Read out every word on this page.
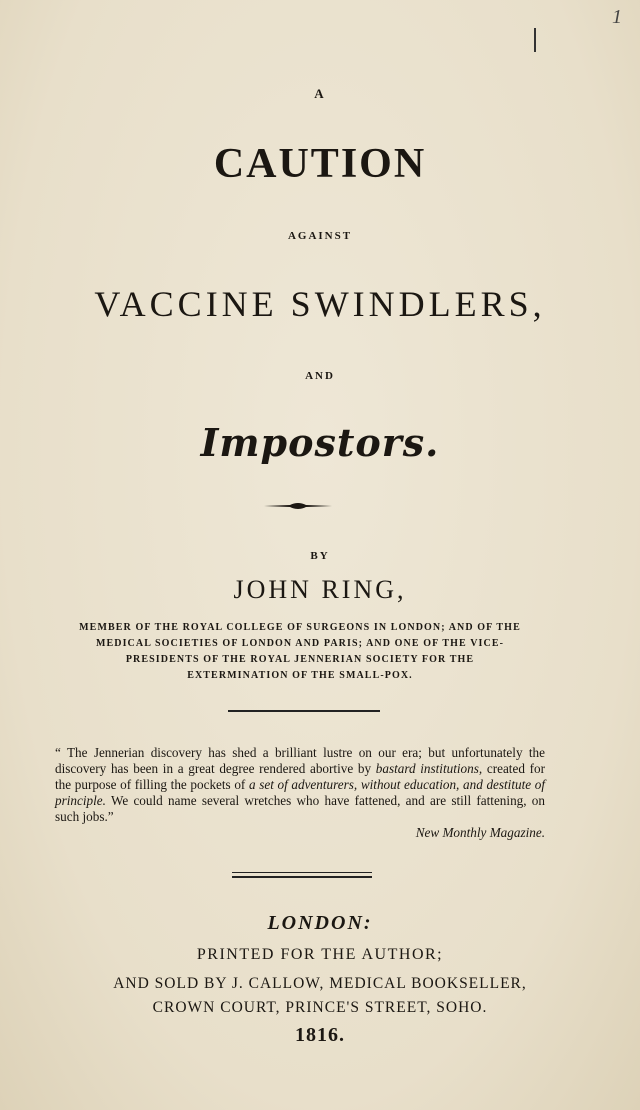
1
A
CAUTION
AGAINST
VACCINE SWINDLERS,
AND
Impostors.
BY
JOHN RING,
MEMBER OF THE ROYAL COLLEGE OF SURGEONS IN LONDON; AND OF THE
MEDICAL SOCIETIES OF LONDON AND PARIS; AND ONE OF THE VICE-
PRESIDENTS OF THE ROYAL JENNERIAN SOCIETY FOR THE
EXTERMINATION OF THE SMALL-POX.
“ The Jennerian discovery has shed a brilliant lustre on our era; but unfortunately the discovery has been in a great degree rendered abortive by bastard institutions, created for the purpose of filling the pockets of a set of adventurers, without education, and destitute of principle. We could name several wretches who have fattened, and are still fattening, on such jobs.”
New Monthly Magazine.
LONDON:
PRINTED FOR THE AUTHOR;
AND SOLD BY J. CALLOW, MEDICAL BOOKSELLER,
CROWN COURT, PRINCE'S STREET, SOHO.
1816.
